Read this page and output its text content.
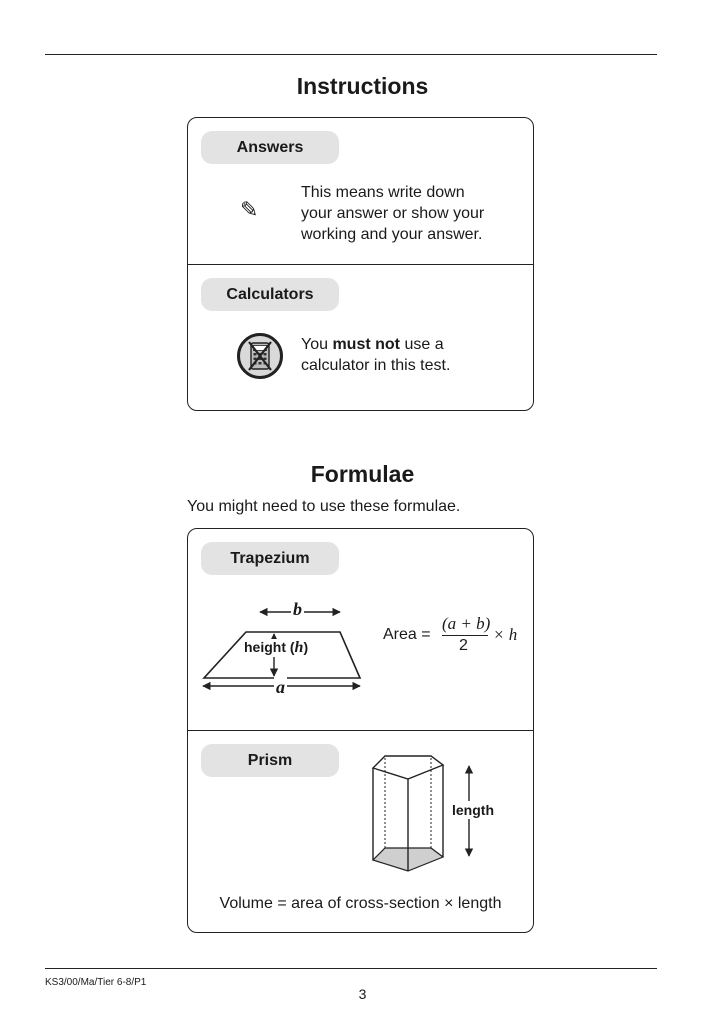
Instructions
Answers
✎
This means write down
your answer or show your
working and your answer.
Calculators
You must not use a
calculator in this test.
Formulae
You might need to use these formulae.
Trapezium
b
a
height (h)
Area =
(a + b)
2
× h
Prism
length
Volume = area of cross-section × length
KS3/00/Ma/Tier 6-8/P1
3
